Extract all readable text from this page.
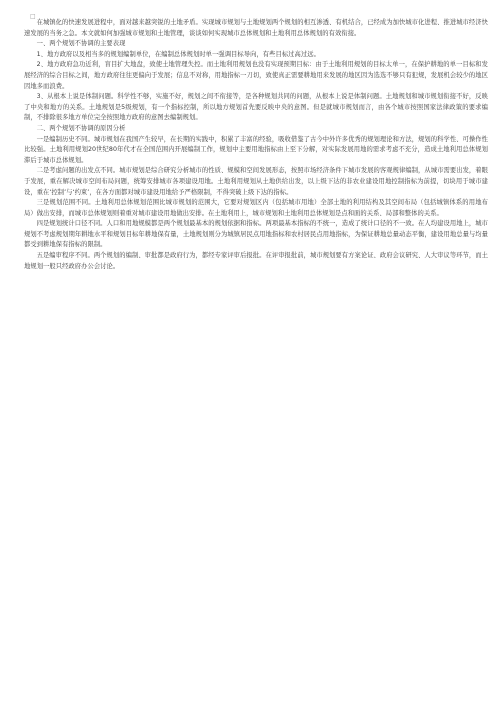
□

在城镇化的快速发展进程中，面对越来越突锐的土地矛盾。实现城市规划与土地规划两个规划的相互渗透、有机结合，已经成为加快城市化进程、推进城市经济快速发展的当务之急。本文就如何加强城市规划和土地管理，谈谈如何实现城市总体规划和土地利用总体规划的有效衔接。

一、两个规划不协调的主要表现

1、地方政府以及相当多的规划编制单位，在编制总体规划时单一强调目标导向，有些目标过高过远。

2、地方政府急功近利，盲目扩大地盘，致使土地管理失控。而土地利用规划也没有实现预期目标：由于土地利用规划的目标太单一，在保护耕地的单一目标和发展经济的综合目标之间，地方政府往往更偏向于发展；信息不对称，用地指标一刀切，致使真正需要耕地用来发展的地区因为选选不够只有犯规，发展机会较少的地区因地多而浪费。

3、从根本上说是体制问题。科学性不够，实施不好，规划之间不衔接等，是各种规划共同的问题，从根本上说是体制问题。土地规划和城市规划衔接不好，反映了中央和地方的关系。土地规划是5级规划，有一个指标控制，所以地方规划首先要反映中央的意图。但是就城市规划而言，由各个城市按照国家法律政策的要求编制，不排除很多地方单位完全按照地方政府的意图去编制规划。

二、两个规划不协调的原因分析

一是编制历史不同。城市规划在我国产生较早，在长期的实践中，积累了丰富的经验，吸收借鉴了古今中外许多优秀的规划理论和方法，规划的科学性、可操作性比较强。土地利用规划20世纪80年代才在全国范围内开展编制工作，规划中主要用地指标由上至下分解，对实际发展用地的需求考虑不充分，造成土地利用总体规划滞后于城市总体规划。

二是考虑问题的出发点不同。城市规划是综合研究分析城市的性质、规模和空间发展形态，按照市场经济条件下城市发展的客观规律编制，从城市需要出发，着眼于发展，重在解决城市空间布局问题，统筹安排城市各项建设用地。土地利用规划从土地供给出发，以上级下达的非农业建设用地控制指标为前提，切块用于城市建设，重在‘控制’与‘约束’，在各方面都对城市建设用地给予严格限制，不得突破上级下达的指标。

三是规划范围不同。土地利用总体规划范围比城市规划的范围大，它要对规划区内（包括城市用地）全部土地的利用结构及其空间布局（包括城镇体系的用地布局）做出安排，而城市总体规划则着重对城市建设用地做出安排。在土地利用上，城市规划和土地利用总体规划是点和面的关系、局部和整体的关系。

四是规划统计口径不同。人口和用地规模都是两个规划最基本的规划依据和指标。两项最基本指标的不统一，造成了统计口径的不一致。在人均建设用地上，城市规划不考虑规划期年耕地水平和规划目标年耕地保有量，土地规划则分为城镇居民点用地指标和农村居民点用地指标，为保证耕地总量动态平衡，建设用地总量与均量都受到耕地保有指标的限制。

五是编审程序不同。两个规划的编制、审批都是政府行为，都经专家评审后报批。在评审报批前，城市规划要有方案论证、政府会议研究、人大审议等环节，而土地规划一般只经政府办公会讨论。
